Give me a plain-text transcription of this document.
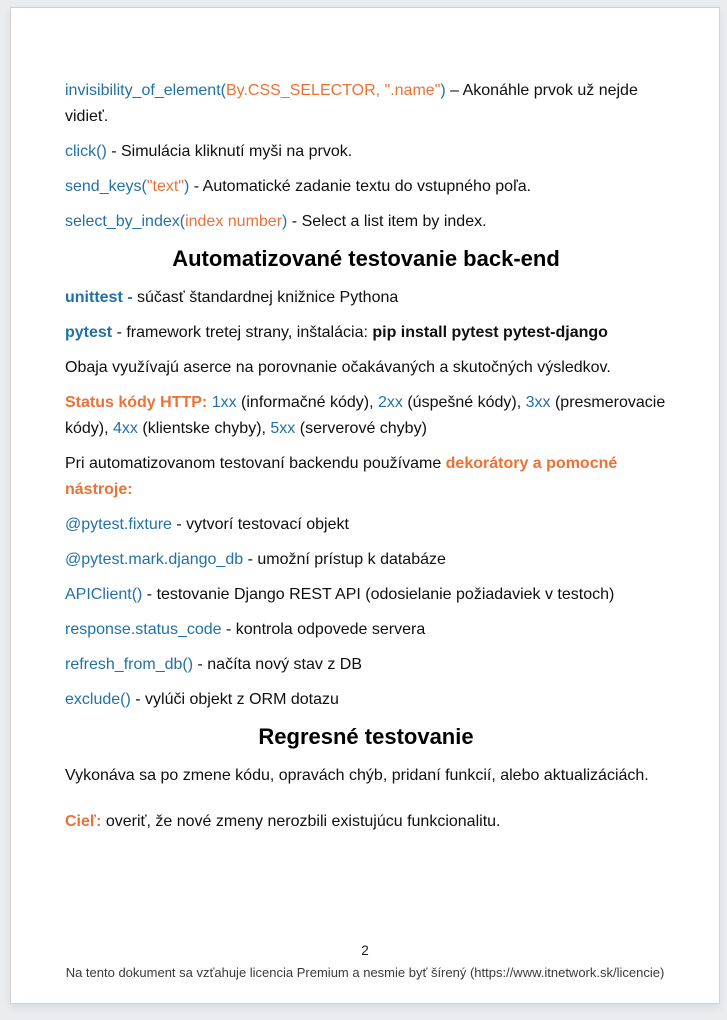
invisibility_of_element(By.CSS_SELECTOR, ".name") – Akonáhle prvok už nejde vidieť.

click() - Simulácia kliknutí myši na prvok.

send_keys("text") - Automatické zadanie textu do vstupného poľa.

select_by_index(index number) - Select a list item by index.

Automatizované testovanie back-end

unittest - súčasť štandardnej knižnice Pythona

pytest - framework tretej strany, inštalácia: pip install pytest pytest-django

Obaja využívajú aserce na porovnanie očakávaných a skutočných výsledkov.

Status kódy HTTP: 1xx (informačné kódy), 2xx (úspešné kódy), 3xx (presmerovacie kódy), 4xx (klientske chyby), 5xx (serverové chyby)

Pri automatizovanom testovaní backendu používame dekorátory a pomocné nástroje:

@pytest.fixture - vytvorí testovací objekt

@pytest.mark.django_db - umožní prístup k databáze

APIClient() - testovanie Django REST API (odosielanie požiadaviek v testoch)

response.status_code - kontrola odpovede servera

refresh_from_db() - načíta nový stav z DB

exclude() - vylúči objekt z ORM dotazu

Regresné testovanie

Vykonáva sa po zmene kódu, opravách chýb, pridaní funkcií, alebo aktualizáciách.

Cieľ: overiť, že nové zmeny nerozbili existujúcu funkcionalitu.

2
Na tento dokument sa vzťahuje licencia Premium a nesmie byť šírený (https://www.itnetwork.sk/licencie)
